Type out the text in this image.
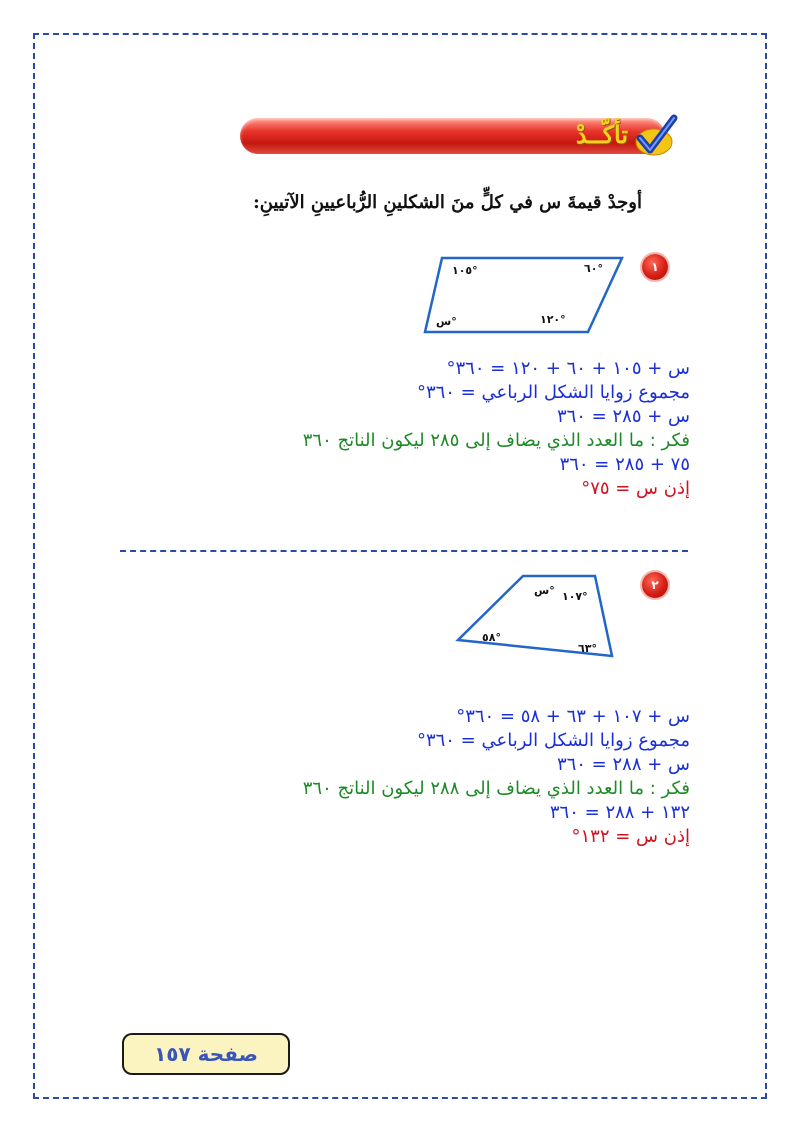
تأكّــدْ
أوجدْ قيمةَ س في كلٍّ منَ الشكلينِ الرُّباعيينِ الآتيينِ:
١
١٠٥°	٦٠°
س°	١٢٠°
س + ١٠٥ + ٦٠ + ١٢٠ = ٣٦٠°
مجموع زوايا الشكل الرباعي = ٣٦٠°
س + ٢٨٥ = ٣٦٠
فكر : ما العدد الذي يضاف إلى ٢٨٥ ليكون الناتج ٣٦٠
٧٥ + ٢٨٥ = ٣٦٠
إذن س = ٧٥°
٢
س° ١٠٧°
٥٨°
٦٣°
س + ١٠٧ + ٦٣ + ٥٨ = ٣٦٠°
مجموع زوايا الشكل الرباعي = ٣٦٠°
س + ٢٨٨ = ٣٦٠
فكر : ما العدد الذي يضاف إلى ٢٨٨ ليكون الناتج ٣٦٠
١٣٢ + ٢٨٨ = ٣٦٠
إذن س = ١٣٢°
صفحة ١٥٧
